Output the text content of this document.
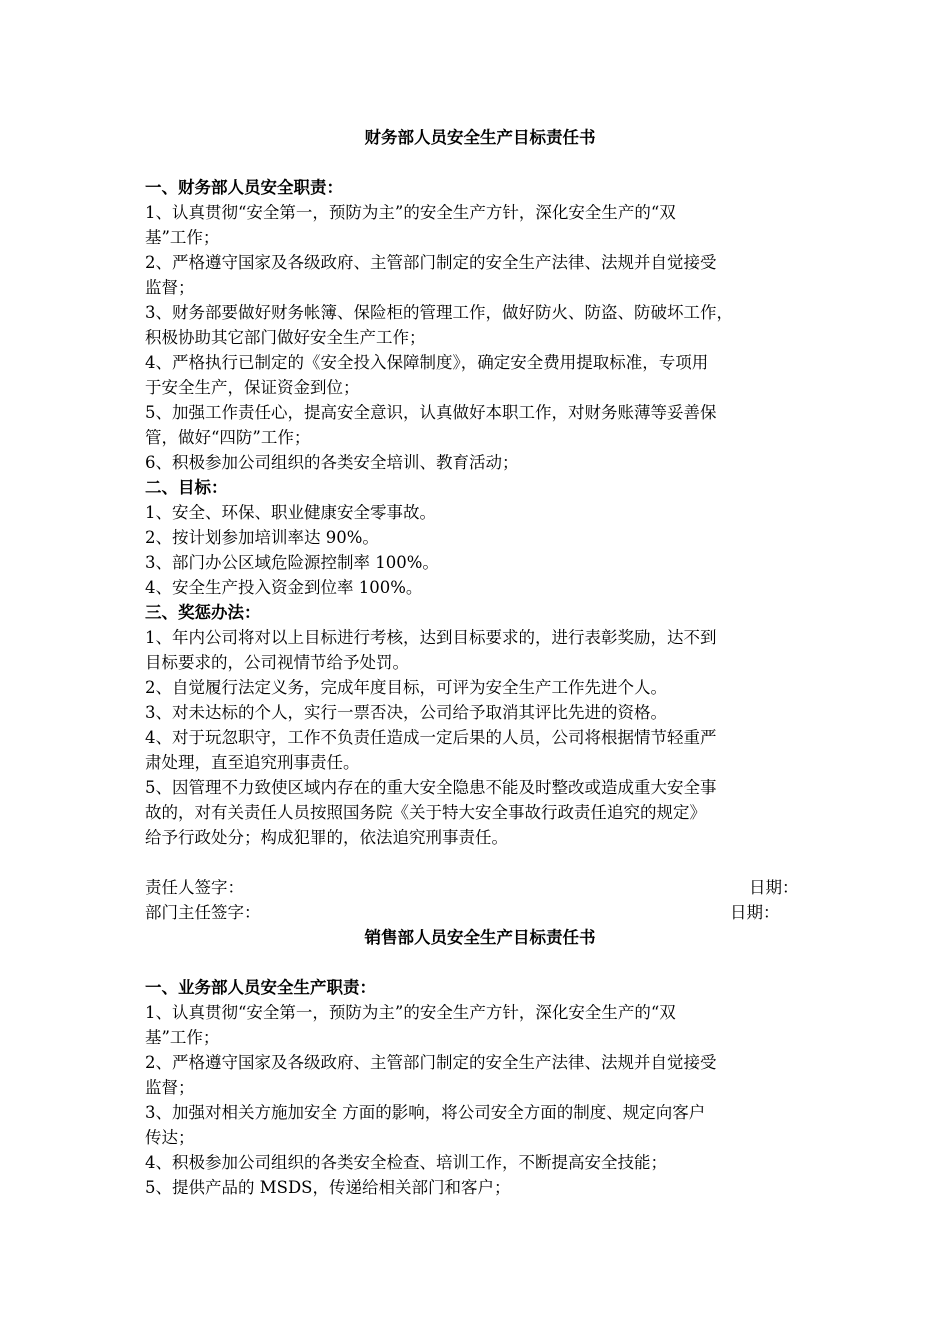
财务部人员安全生产目标责任书

一、财务部人员安全职责：

1、认真贯彻“安全第一，预防为主”的安全生产方针，深化安全生产的“双
基”工作；

2、严格遵守国家及各级政府、主管部门制定的安全生产法律、法规并自觉接受
监督；

3、财务部要做好财务帐簿、保险柜的管理工作，做好防火、防盗、防破坏工作，
积极协助其它部门做好安全生产工作；

4、严格执行已制定的《安全投入保障制度》，确定安全费用提取标准，专项用
于安全生产，保证资金到位；

5、加强工作责任心，提高安全意识，认真做好本职工作，对财务账薄等妥善保
管，做好“四防”工作；

6、积极参加公司组织的各类安全培训、教育活动；

二、目标：

1、安全、环保、职业健康安全零事故。

2、按计划参加培训率达 90%。

3、部门办公区域危险源控制率 100%。

4、安全生产投入资金到位率 100%。

三、奖惩办法：

1、年内公司将对以上目标进行考核，达到目标要求的，进行表彰奖励，达不到
目标要求的，公司视情节给予处罚。

2、自觉履行法定义务，完成年度目标，可评为安全生产工作先进个人。

3、对未达标的个人，实行一票否决，公司给予取消其评比先进的资格。

4、对于玩忽职守，工作不负责任造成一定后果的人员，公司将根据情节轻重严
肃处理，直至追究刑事责任。

5、因管理不力致使区域内存在的重大安全隐患不能及时整改或造成重大安全事
故的，对有关责任人员按照国务院《关于特大安全事故行政责任追究的规定》
给予行政处分；构成犯罪的，依法追究刑事责任。

责任人签字：	日期：
部门主任签字：	日期：

销售部人员安全生产目标责任书

一、业务部人员安全生产职责：

1、认真贯彻“安全第一，预防为主”的安全生产方针，深化安全生产的“双
基”工作；

2、严格遵守国家及各级政府、主管部门制定的安全生产法律、法规并自觉接受
监督；

3、加强对相关方施加安全 方面的影响，将公司安全方面的制度、规定向客户
传达；

4、积极参加公司组织的各类安全检查、培训工作，不断提高安全技能；

5、提供产品的 MSDS，传递给相关部门和客户；
